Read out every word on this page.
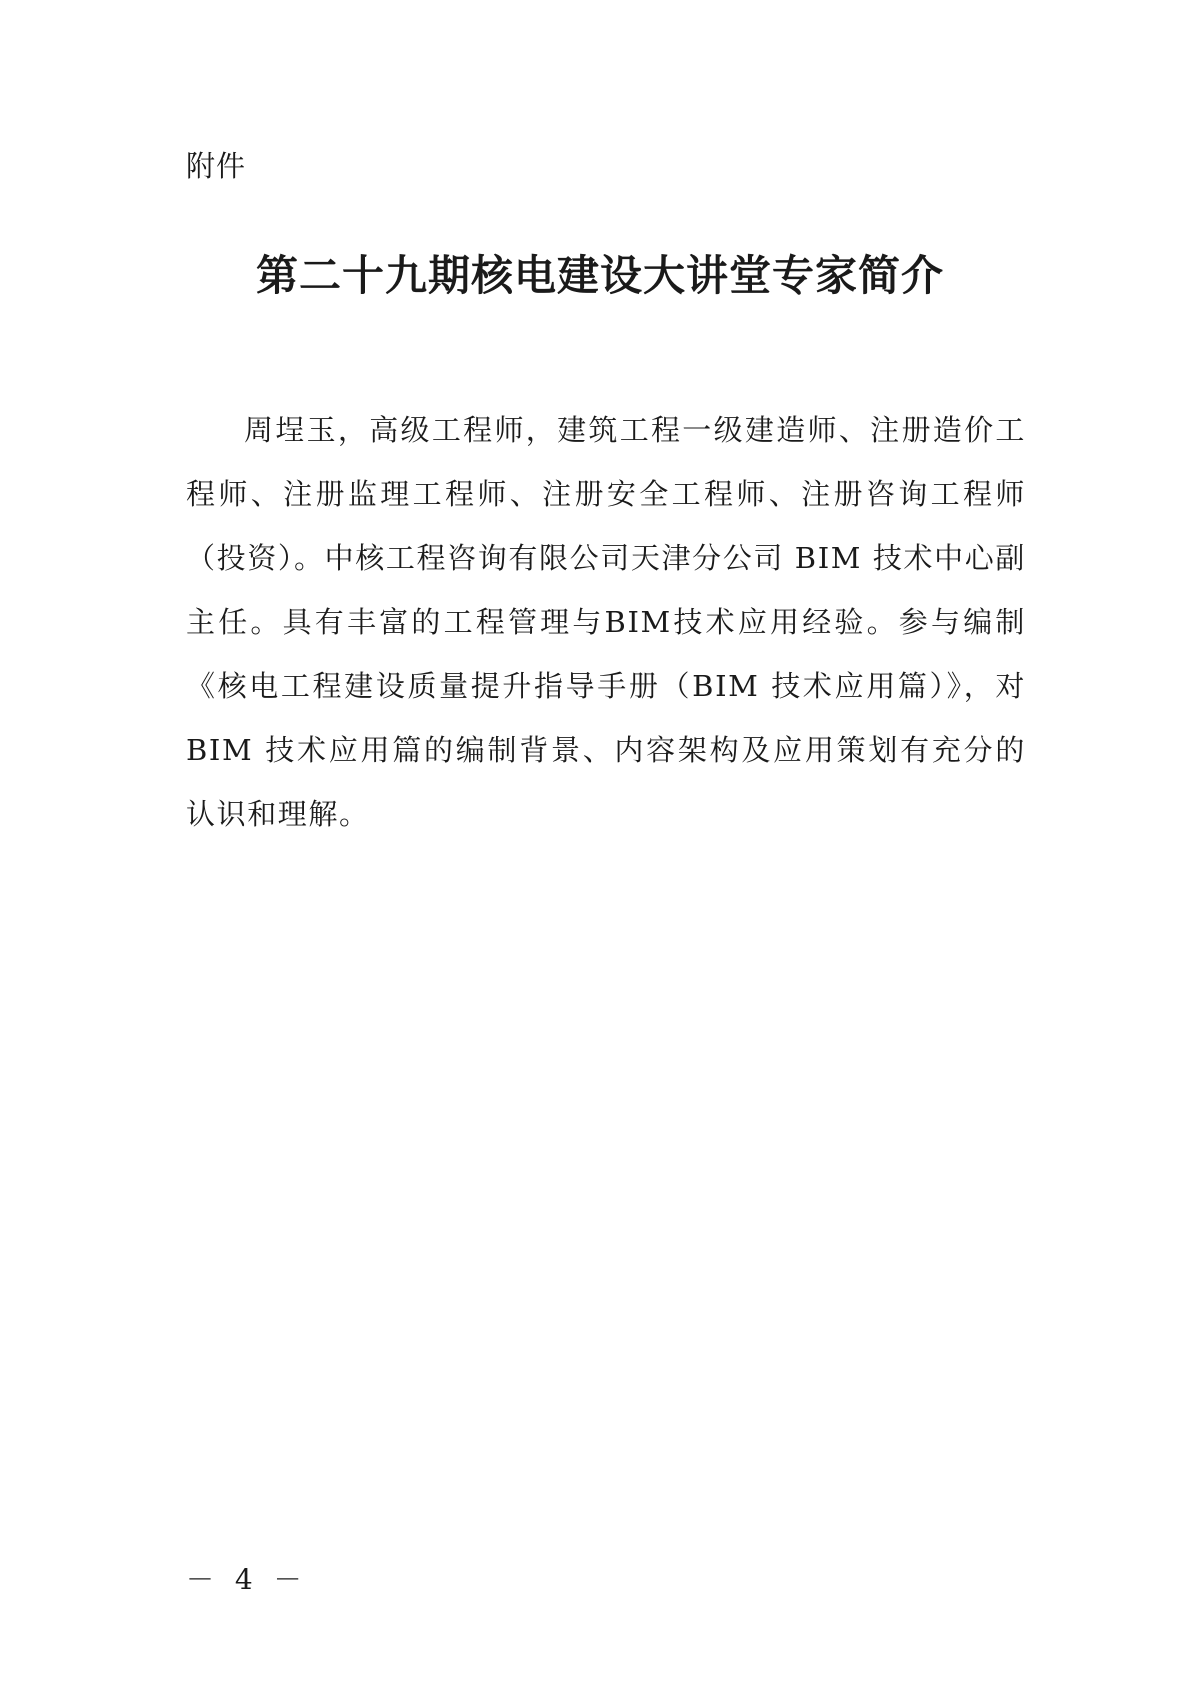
附件
第二十九期核电建设大讲堂专家简介

周埕玉，高级工程师，建筑工程一级建造师、注册造价工程师、注册监理工程师、注册安全工程师、注册咨询工程师（投资）。中核工程咨询有限公司天津分公司 BIM 技术中心副主任。具有丰富的工程管理与BIM技术应用经验。参与编制《核电工程建设质量提升指导手册（BIM 技术应用篇）》，对BIM 技术应用篇的编制背景、内容架构及应用策划有充分的认识和理解。

－ 4 －
